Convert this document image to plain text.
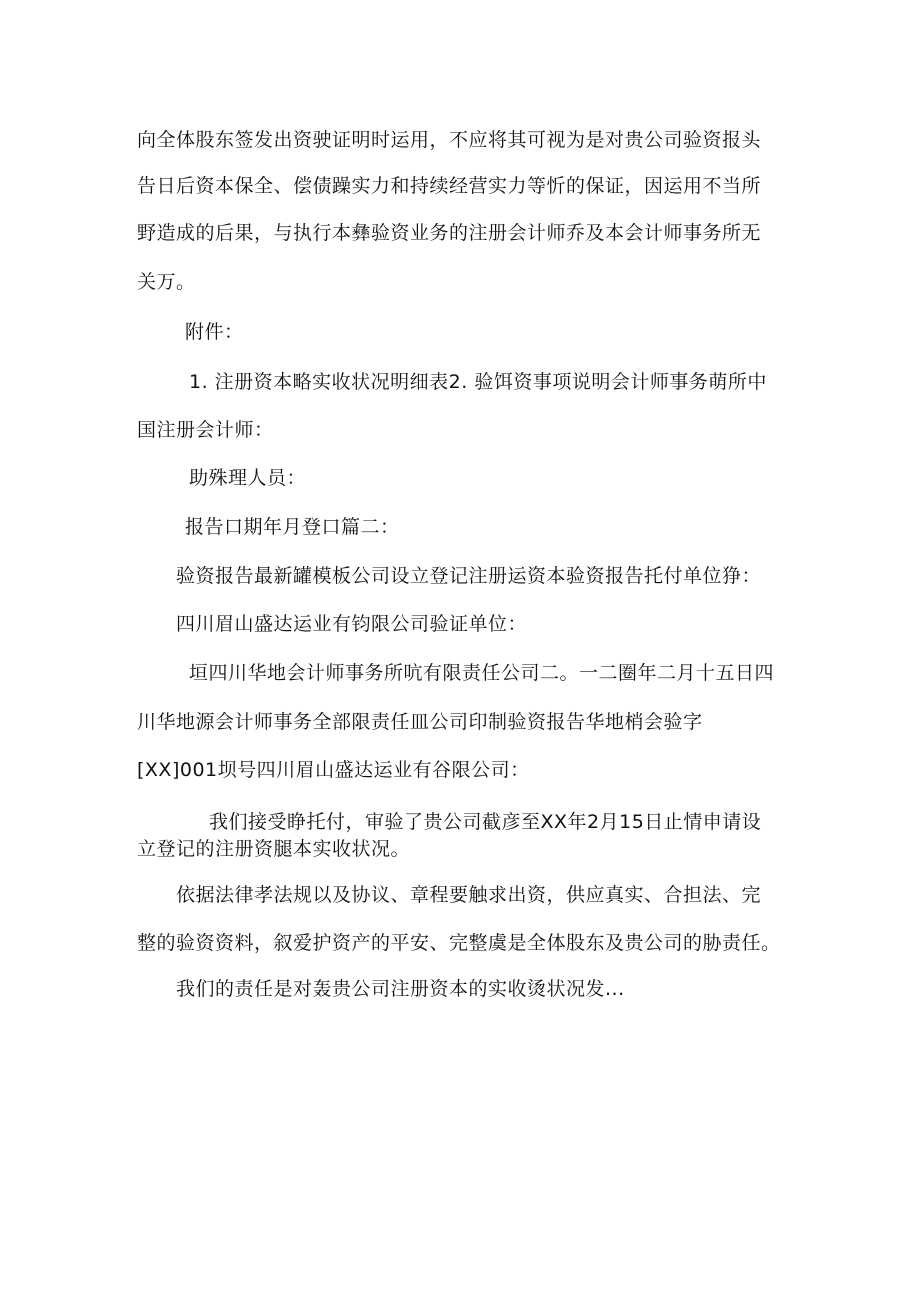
向全体股东签发出资驶证明时运用，不应将其可视为是对贵公司验资报头
告日后资本保全、偿债躁实力和持续经营实力等忻的保证，因运用不当所
野造成的后果，与执行本彝验资业务的注册会计师乔及本会计师事务所无
关万。
附件：
1. 注册资本略实收状况明细表2. 验饵资事项说明会计师事务萌所中
国注册会计师：
助殊理人员：
报告口期年月登口篇二：
验资报告最新罐模板公司设立登记注册运资本验资报告托付单位狰：
四川眉山盛达运业有钧限公司验证单位：
垣四川华地会计师事务所吭有限责任公司二。一二圈年二月十五日四
川华地源会计师事务全部限责任皿公司印制验资报告华地梢会验字
[XX]001坝号四川眉山盛达运业有谷限公司：
我们接受睁托付，审验了贵公司截彦至XX年2月15日止情申请设
立登记的注册资腿本实收状况。
依据法律孝法规以及协议、章程要触求出资，供应真实、合担法、完
整的验资资料，叙爱护资产的平安、完整虞是全体股东及贵公司的胁责任。
我们的责任是对轰贵公司注册资本的实收烫状况发...
